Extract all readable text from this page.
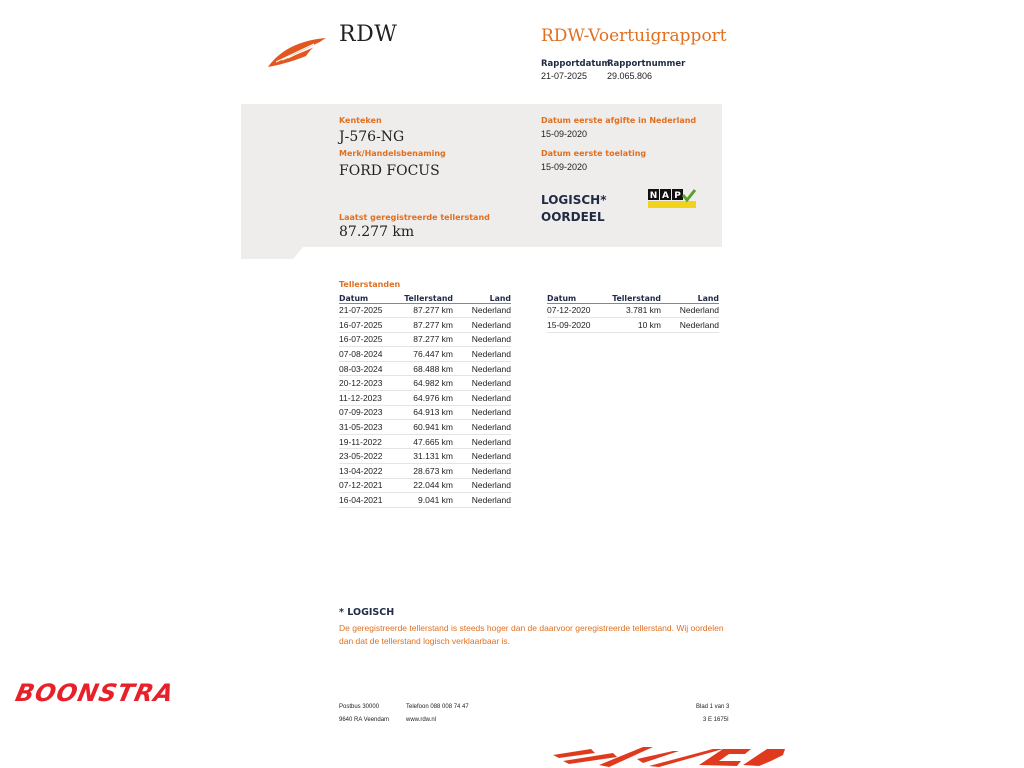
RDW	RDW-Voertuigrapport
Rapportdatum
21-07-2025
Rapportnummer
29.065.806
Kenteken
J-576-NG
Merk/Handelsbenaming
FORD FOCUS
Laatst geregistreerde tellerstand
87.277 km
Datum eerste afgifte in Nederland
15-09-2020
Datum eerste toelating
15-09-2020
LOGISCH*
OORDEEL
N A P
Tellerstanden
Datum	Tellerstand	Land
21-07-2025	87.277 km	Nederland
16-07-2025	87.277 km	Nederland
16-07-2025	87.277 km	Nederland
07-08-2024	76.447 km	Nederland
08-03-2024	68.488 km	Nederland
20-12-2023	64.982 km	Nederland
11-12-2023	64.976 km	Nederland
07-09-2023	64.913 km	Nederland
31-05-2023	60.941 km	Nederland
19-11-2022	47.665 km	Nederland
23-05-2022	31.131 km	Nederland
13-04-2022	28.673 km	Nederland
07-12-2021	22.044 km	Nederland
16-04-2021	9.041 km	Nederland
Datum	Tellerstand	Land
07-12-2020	3.781 km	Nederland
15-09-2020	10 km	Nederland
* LOGISCH
De geregistreerde tellerstand is steeds hoger dan de daarvoor geregistreerde tellerstand. Wij oordelen dan dat de tellerstand logisch verklaarbaar is.
Postbus 30000
9640 RA Veendam
Telefoon 088 008 74 47
www.rdw.nl
Blad 1 van 3
3 E 1675I
BOONSTRA
